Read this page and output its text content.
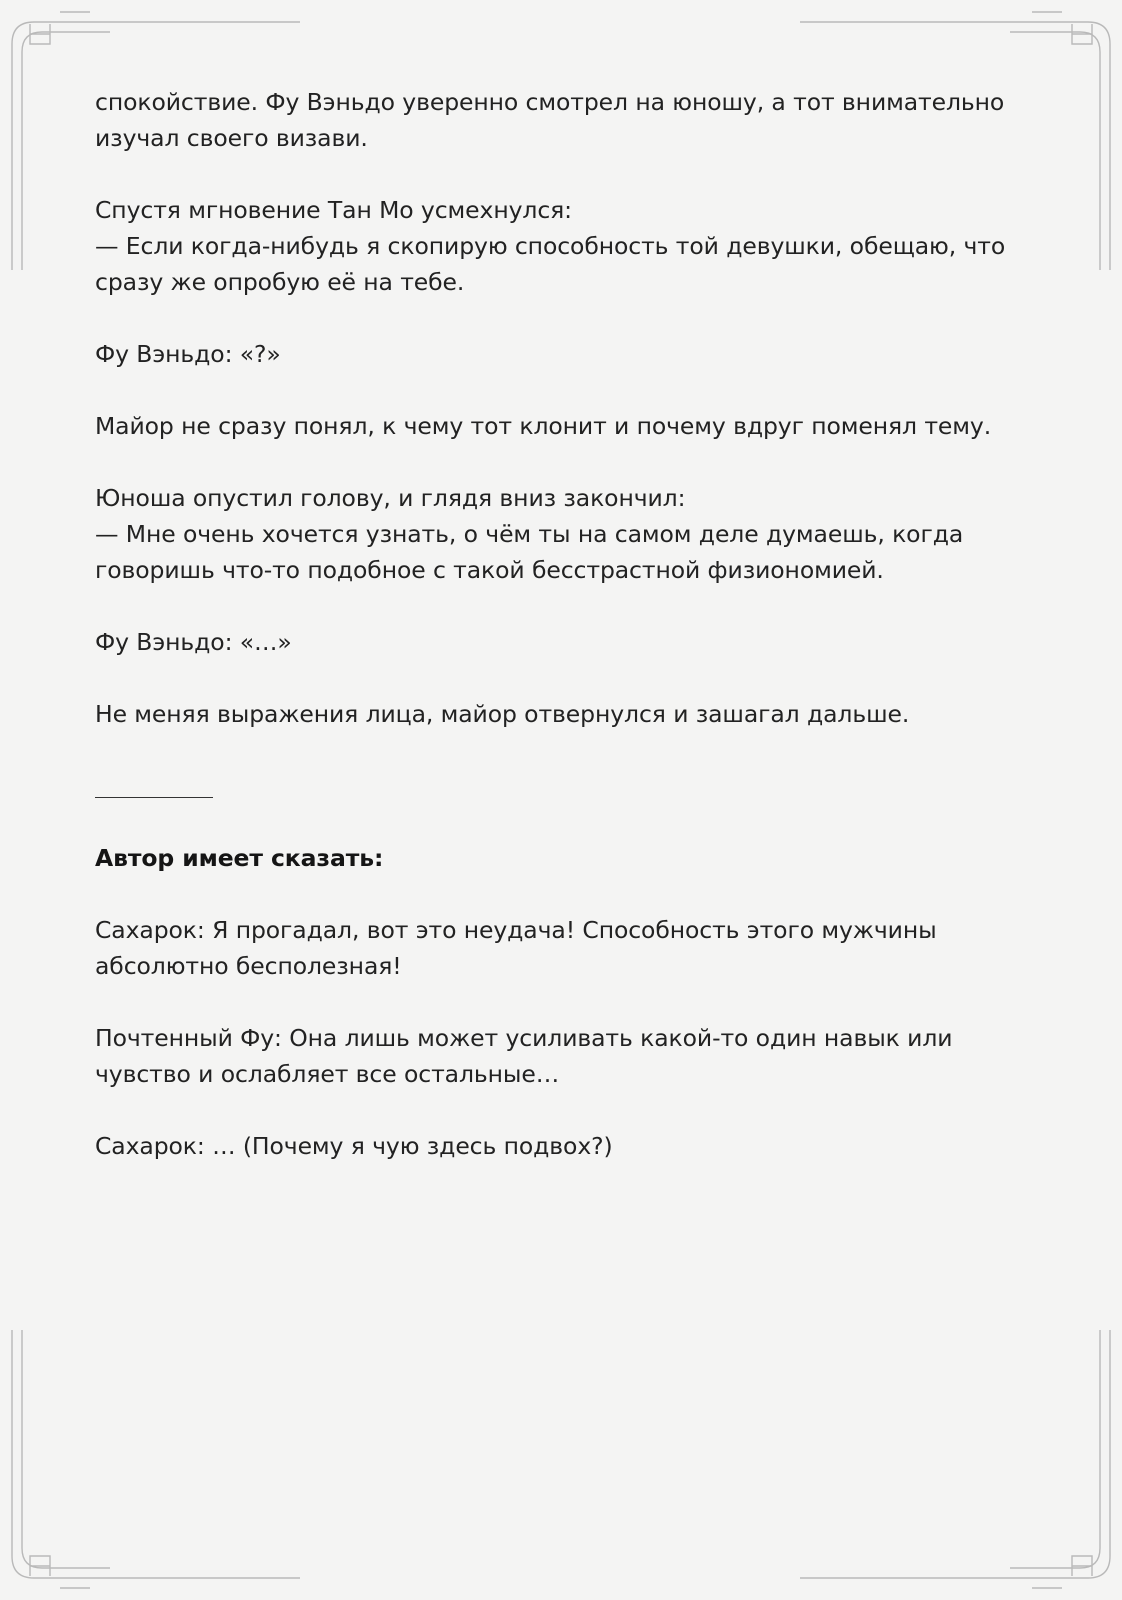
спокойствие. Фу Вэньдо уверенно смотрел на юношу, а тот внимательно
изучал своего визави.
Спустя мгновение Тан Мо усмехнулся:
— Если когда-нибудь я скопирую способность той девушки, обещаю, что
сразу же опробую её на тебе.
Фу Вэньдо: «?»
Майор не сразу понял, к чему тот клонит и почему вдруг поменял тему.
Юноша опустил голову, и глядя вниз закончил:
— Мне очень хочется узнать, о чём ты на самом деле думаешь, когда
говоришь что-то подобное с такой бесстрастной физиономией.
Фу Вэньдо: «…»
Не меняя выражения лица, майор отвернулся и зашагал дальше.
Автор имеет сказать:
Сахарок: Я прогадал, вот это неудача! Способность этого мужчины
абсолютно бесполезная!
Почтенный Фу: Она лишь может усиливать какой-то один навык или
чувство и ослабляет все остальные…
Сахарок: … (Почему я чую здесь подвох?)
